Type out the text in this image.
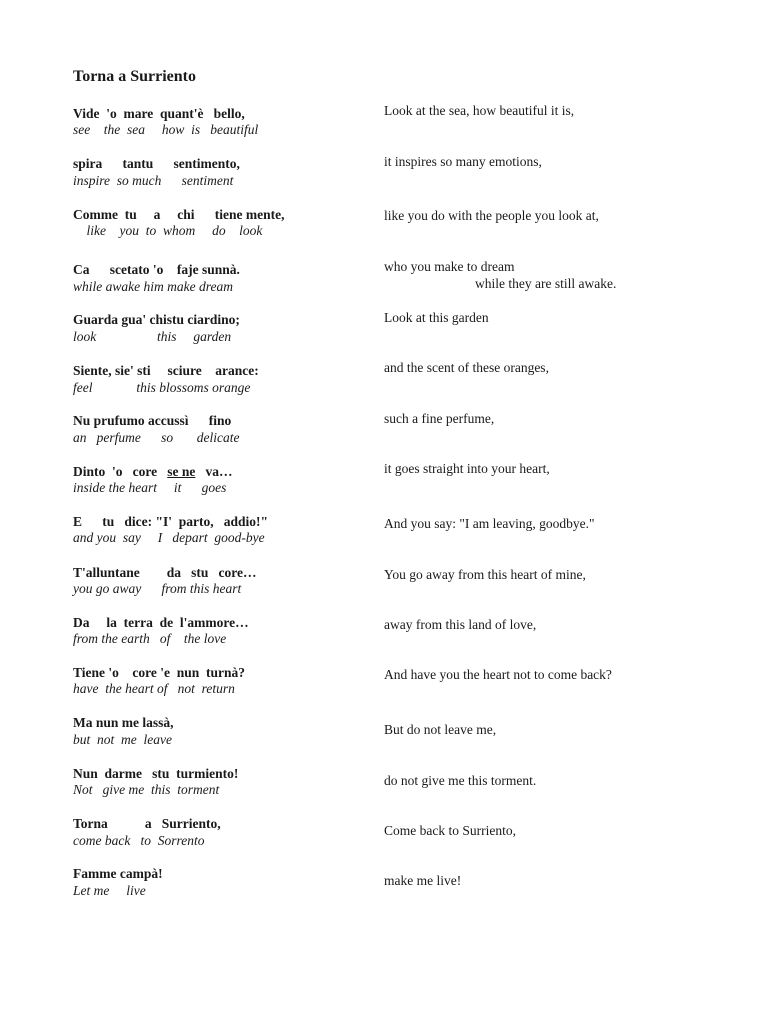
Torna a Surriento
Vide  'o  mare  quant'è   bello,
see    the  sea     how  is   beautiful
Look at the sea, how beautiful it is,
spira      tantu      sentimento,
inspire  so much      sentiment
it inspires so many emotions,
Comme  tu     a     chi      tiene mente,
like    you  to  whom     do    look
like you do with the people you look at,
Ca      scetato 'o    faje sunnà.
while awake him make dream
who you make to dream
while they are still awake.
Guarda gua' chistu ciardino;
look                  this     garden
Look at this garden
Siente, sie' sti     sciure    arance:
feel             this blossoms orange
and the scent of these oranges,
Nu prufumo accussì      fino
an   perfume      so       delicate
such a fine perfume,
Dinto  'o   core   se ne   va…
inside the heart     it      goes
it goes straight into your heart,
E      tu   dice: "I'  parto,   addio!"
and you  say     I   depart  good-bye
And you say: "I am leaving, goodbye."
T'alluntane        da   stu   core…
you go away      from this heart
You go away from this heart of mine,
Da     la  terra  de  l'ammore…
from the earth   of    the love
away from this land of love,
Tiene 'o    core 'e  nun  turnà?
have  the heart of   not  return
And have you the heart not to come back?
Ma nun me lassà,
but  not  me  leave
But do not leave me,
Nun  darme   stu  turmiento!
Not   give me  this  torment
do not give me this torment.
Torna           a   Surriento,
come back   to  Sorrento
Come back to Surriento,
Famme campà!
Let me     live
make me live!
